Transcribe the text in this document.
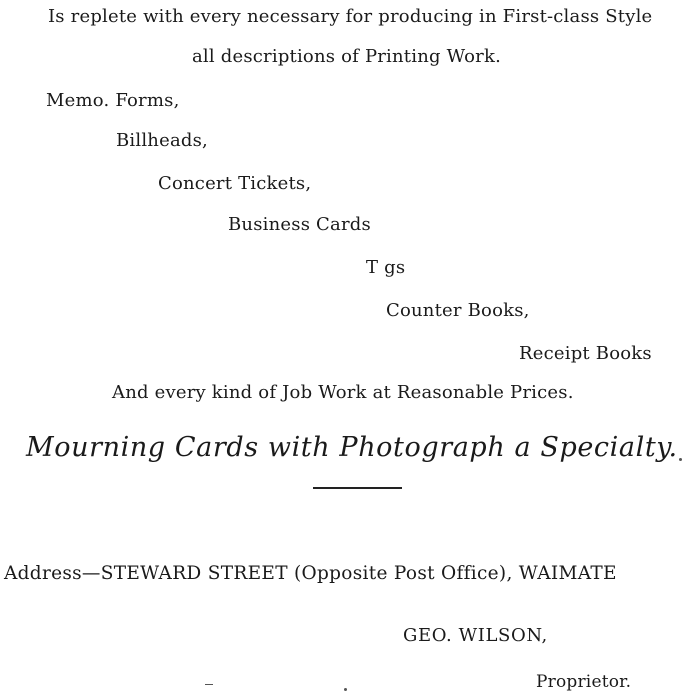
Is replete with every necessary for producing in First-class Style
all descriptions of Printing Work.
Memo. Forms,
Billheads,
Concert Tickets,
Business Cards
T gs
Counter Books,
Receipt Books
And every kind of Job Work at Reasonable Prices.
Mourning Cards with Photograph a Specialty.
Address—STEWARD STREET (Opposite Post Office), WAIMATE
GEO. WILSON,
Proprietor.
